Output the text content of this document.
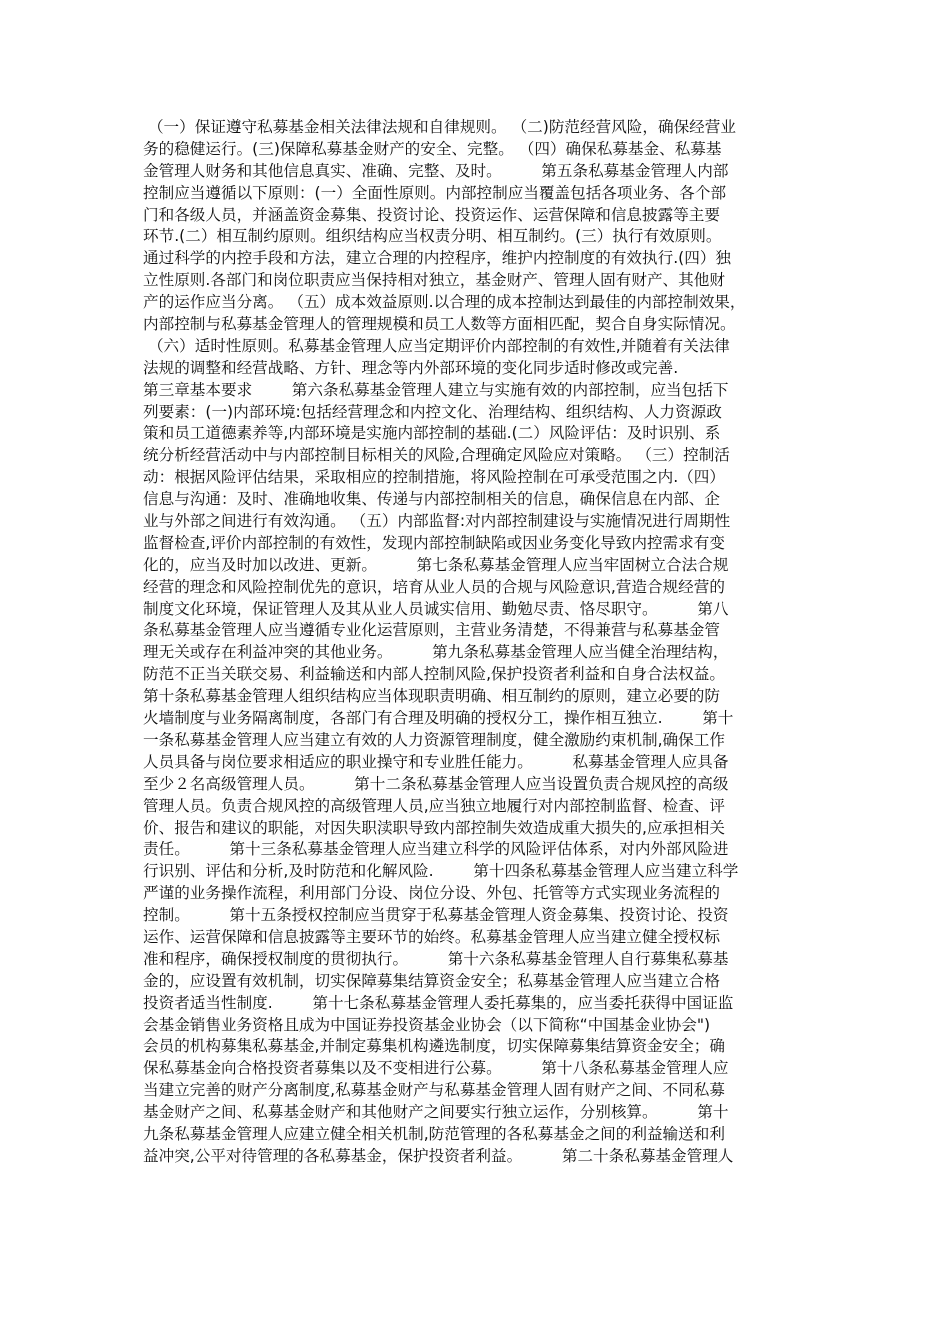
（一）保证遵守私募基金相关法律法规和自律规则。 （二)防范经营风险，确保经营业
务的稳健运行。(三)保障私募基金财产的安全、完整。 （四）确保私募基金、私募基
金管理人财务和其他信息真实、准确、完整、及时。        第五条私募基金管理人内部
控制应当遵循以下原则：(一）全面性原则。内部控制应当覆盖包括各项业务、各个部
门和各级人员，并涵盖资金募集、投资讨论、投资运作、运营保障和信息披露等主要
环节.(二）相互制约原则。组织结构应当权责分明、相互制约。(三）执行有效原则。
通过科学的内控手段和方法，建立合理的内控程序，维护内控制度的有效执行.(四）独
立性原则.各部门和岗位职责应当保持相对独立，基金财产、管理人固有财产、其他财
产的运作应当分离。 （五）成本效益原则.以合理的成本控制达到最佳的内部控制效果，
内部控制与私募基金管理人的管理规模和员工人数等方面相匹配，契合自身实际情况。
（六）适时性原则。私募基金管理人应当定期评价内部控制的有效性,并随着有关法律
法规的调整和经营战略、方针、理念等内外部环境的变化同步适时修改或完善.
第三章基本要求        第六条私募基金管理人建立与实施有效的内部控制，应当包括下
列要素：(一)内部环境:包括经营理念和内控文化、治理结构、组织结构、人力资源政
策和员工道德素养等,内部环境是实施内部控制的基础.(二）风险评估：及时识别、系
统分析经营活动中与内部控制目标相关的风险,合理确定风险应对策略。 （三）控制活
动：根据风险评估结果，采取相应的控制措施，将风险控制在可承受范围之内.（四）
信息与沟通：及时、准确地收集、传递与内部控制相关的信息，确保信息在内部、企
业与外部之间进行有效沟通。 （五）内部监督:对内部控制建设与实施情况进行周期性
监督检查,评价内部控制的有效性，发现内部控制缺陷或因业务变化导致内控需求有变
化的，应当及时加以改进、更新。        第七条私募基金管理人应当牢固树立合法合规
经营的理念和风险控制优先的意识，培育从业人员的合规与风险意识,营造合规经营的
制度文化环境，保证管理人及其从业人员诚实信用、勤勉尽责、恪尽职守。        第八
条私募基金管理人应当遵循专业化运营原则，主营业务清楚，不得兼营与私募基金管
理无关或存在利益冲突的其他业务。        第九条私募基金管理人应当健全治理结构，
防范不正当关联交易、利益输送和内部人控制风险,保护投资者利益和自身合法权益。
第十条私募基金管理人组织结构应当体现职责明确、相互制约的原则，建立必要的防
火墙制度与业务隔离制度，各部门有合理及明确的授权分工，操作相互独立.        第十
一条私募基金管理人应当建立有效的人力资源管理制度，健全激励约束机制,确保工作
人员具备与岗位要求相适应的职业操守和专业胜任能力。        私募基金管理人应具备
至少２名高级管理人员。        第十二条私募基金管理人应当设置负责合规风控的高级
管理人员。负责合规风控的高级管理人员,应当独立地履行对内部控制监督、检查、评
价、报告和建议的职能，对因失职渎职导致内部控制失效造成重大损失的,应承担相关
责任。        第十三条私募基金管理人应当建立科学的风险评估体系，对内外部风险进
行识别、评估和分析,及时防范和化解风险.        第十四条私募基金管理人应当建立科学
严谨的业务操作流程，利用部门分设、岗位分设、外包、托管等方式实现业务流程的
控制。        第十五条授权控制应当贯穿于私募基金管理人资金募集、投资讨论、投资
运作、运营保障和信息披露等主要环节的始终。私募基金管理人应当建立健全授权标
准和程序，确保授权制度的贯彻执行。        第十六条私募基金管理人自行募集私募基
金的，应设置有效机制，切实保障募集结算资金安全；私募基金管理人应当建立合格
投资者适当性制度.        第十七条私募基金管理人委托募集的，应当委托获得中国证监
会基金销售业务资格且成为中国证券投资基金业协会（以下简称“中国基金业协会")
会员的机构募集私募基金,并制定募集机构遴选制度，切实保障募集结算资金安全；确
保私募基金向合格投资者募集以及不变相进行公募。        第十八条私募基金管理人应
当建立完善的财产分离制度,私募基金财产与私募基金管理人固有财产之间、不同私募
基金财产之间、私募基金财产和其他财产之间要实行独立运作，分别核算。        第十
九条私募基金管理人应建立健全相关机制,防范管理的各私募基金之间的利益输送和利
益冲突,公平对待管理的各私募基金，保护投资者利益。        第二十条私募基金管理人
